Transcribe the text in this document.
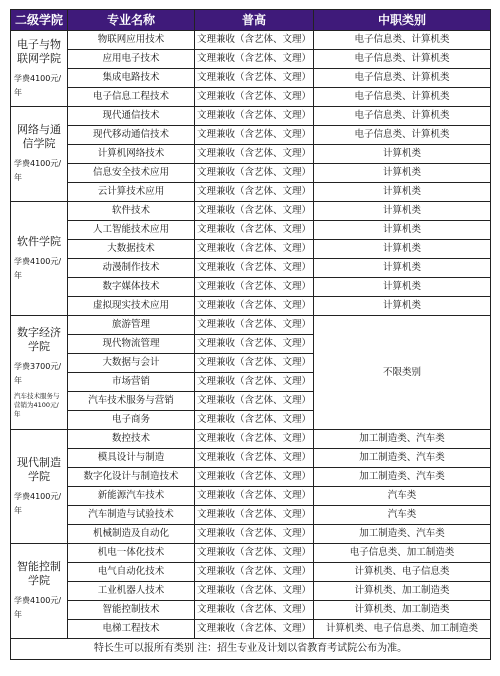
二级学院	专业名称	普高	中职类别

电子与物联网学院
学费4100元/年	物联网应用技术	文理兼收（含艺体、文理）	电子信息类、计算机类
	应用电子技术	文理兼收（含艺体、文理）	电子信息类、计算机类
	集成电路技术	文理兼收（含艺体、文理）	电子信息类、计算机类
	电子信息工程技术	文理兼收（含艺体、文理）	电子信息类、计算机类

网络与通信学院
学费4100元/年	现代通信技术	文理兼收（含艺体、文理）	电子信息类、计算机类
	现代移动通信技术	文理兼收（含艺体、文理）	电子信息类、计算机类
	计算机网络技术	文理兼收（含艺体、文理）	计算机类
	信息安全技术应用	文理兼收（含艺体、文理）	计算机类
	云计算技术应用	文理兼收（含艺体、文理）	计算机类

软件学院
学费4100元/年	软件技术	文理兼收（含艺体、文理）	计算机类
	人工智能技术应用	文理兼收（含艺体、文理）	计算机类
	大数据技术	文理兼收（含艺体、文理）	计算机类
	动漫制作技术	文理兼收（含艺体、文理）	计算机类
	数字媒体技术	文理兼收（含艺体、文理）	计算机类
	虚拟现实技术应用	文理兼收（含艺体、文理）	计算机类

数字经济学院
学费3700元/年
汽车技术服务与营销为4100元/年	旅游管理	文理兼收（含艺体、文理）	不限类别
	现代物流管理	文理兼收（含艺体、文理）	
	大数据与会计	文理兼收（含艺体、文理）	
	市场营销	文理兼收（含艺体、文理）	
	汽车技术服务与营销	文理兼收（含艺体、文理）	
	电子商务	文理兼收（含艺体、文理）	

现代制造学院
学费4100元/年	数控技术	文理兼收（含艺体、文理）	加工制造类、汽车类
	模具设计与制造	文理兼收（含艺体、文理）	加工制造类、汽车类
	数字化设计与制造技术	文理兼收（含艺体、文理）	加工制造类、汽车类
	新能源汽车技术	文理兼收（含艺体、文理）	汽车类
	汽车制造与试验技术	文理兼收（含艺体、文理）	汽车类
	机械制造及自动化	文理兼收（含艺体、文理）	加工制造类、汽车类

智能控制学院
学费4100元/年	机电一体化技术	文理兼收（含艺体、文理）	电子信息类、加工制造类
	电气自动化技术	文理兼收（含艺体、文理）	计算机类、电子信息类
	工业机器人技术	文理兼收（含艺体、文理）	计算机类、加工制造类
	智能控制技术	文理兼收（含艺体、文理）	计算机类、加工制造类
	电梯工程技术	文理兼收（含艺体、文理）	计算机类、电子信息类、加工制造类
特长生可以报所有类别 注：招生专业及计划以省教育考试院公布为准。			
